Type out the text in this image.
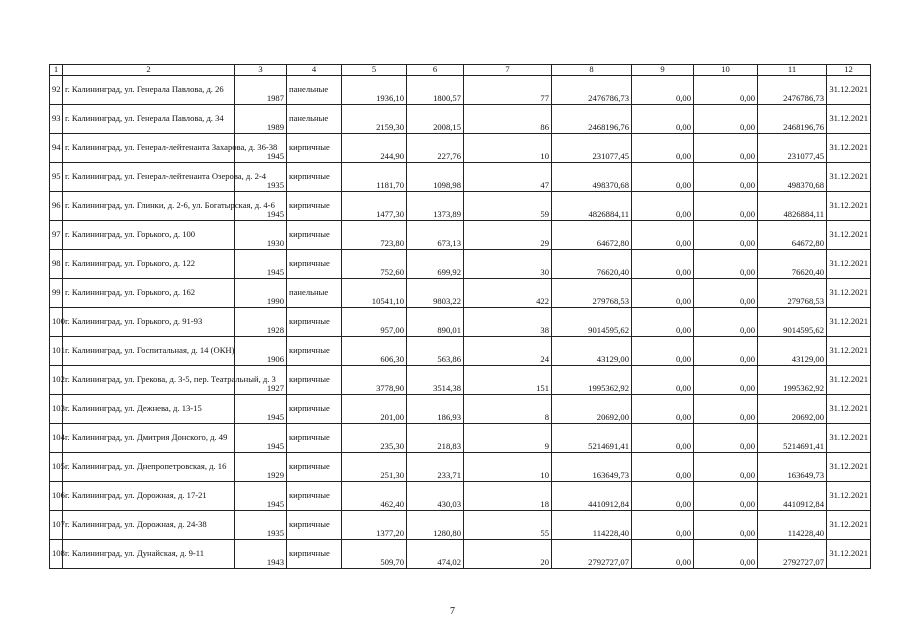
1	2	3	4	5	6	7	8	9	10	11	12
92	г. Калининград, ул. Генерала Павлова, д. 26	1987	панельные	1936,10	1800,57	77	2476786,73	0,00	0,00	2476786,73	31.12.2021
93	г. Калининград, ул. Генерала Павлова, д. 34	1989	панельные	2159,30	2008,15	86	2468196,76	0,00	0,00	2468196,76	31.12.2021
94	г. Калининград, ул. Генерал-лейтенанта Захарова, д. 36-38	1945	кирпичные	244,90	227,76	10	231077,45	0,00	0,00	231077,45	31.12.2021
95	г. Калининград, ул. Генерал-лейтенанта Озерова, д. 2-4	1935	кирпичные	1181,70	1098,98	47	498370,68	0,00	0,00	498370,68	31.12.2021
96	г. Калининград, ул. Глинки, д. 2-6, ул. Богатырская, д. 4-6	1945	кирпичные	1477,30	1373,89	59	4826884,11	0,00	0,00	4826884,11	31.12.2021
97	г. Калининград, ул. Горького, д. 100	1930	кирпичные	723,80	673,13	29	64672,80	0,00	0,00	64672,80	31.12.2021
98	г. Калининград, ул. Горького, д. 122	1945	кирпичные	752,60	699,92	30	76620,40	0,00	0,00	76620,40	31.12.2021
99	г. Калининград, ул. Горького, д. 162	1990	панельные	10541,10	9803,22	422	279768,53	0,00	0,00	279768,53	31.12.2021
100	г. Калининград, ул. Горького, д. 91-93	1928	кирпичные	957,00	890,01	38	9014595,62	0,00	0,00	9014595,62	31.12.2021
101	г. Калининград, ул. Госпитальная, д. 14 (ОКН)	1906	кирпичные	606,30	563,86	24	43129,00	0,00	0,00	43129,00	31.12.2021
102	г. Калининград, ул. Грекова, д. 3-5, пер. Театральный, д. 3	1927	кирпичные	3778,90	3514,38	151	1995362,92	0,00	0,00	1995362,92	31.12.2021
103	г. Калининград, ул. Дежнева, д. 13-15	1945	кирпичные	201,00	186,93	8	20692,00	0,00	0,00	20692,00	31.12.2021
104	г. Калининград, ул. Дмитрия Донского, д. 49	1945	кирпичные	235,30	218,83	9	5214691,41	0,00	0,00	5214691,41	31.12.2021
105	г. Калининград, ул. Днепропетровская, д. 16	1929	кирпичные	251,30	233,71	10	163649,73	0,00	0,00	163649,73	31.12.2021
106	г. Калининград, ул. Дорожная, д. 17-21	1945	кирпичные	462,40	430,03	18	4410912,84	0,00	0,00	4410912,84	31.12.2021
107	г. Калининград, ул. Дорожная, д. 24-38	1935	кирпичные	1377,20	1280,80	55	114228,40	0,00	0,00	114228,40	31.12.2021
108	г. Калининград, ул. Дунайская, д. 9-11	1943	кирпичные	509,70	474,02	20	2792727,07	0,00	0,00	2792727,07	31.12.2021
7
